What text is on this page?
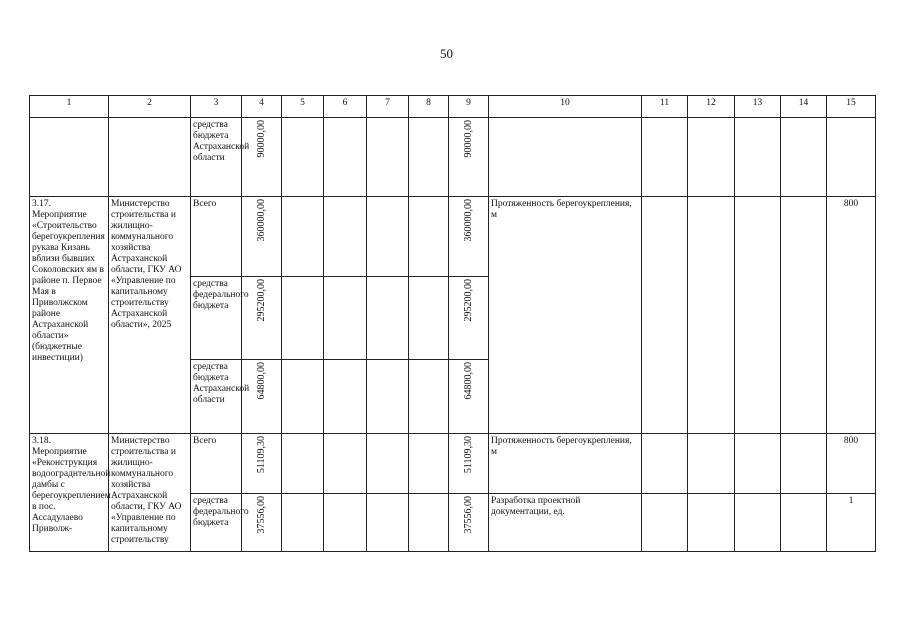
50
1	2	3	4	5	6	7	8	9	10	11	12	13	14	15
		средства бюджета Астраханской области	90000,00					90000,00						

3.17. Мероприятие «Строительство берегоукрепления рукава Кизань вблизи бывших Соколовских ям в районе п. Первое Мая в Приволжском районе Астраханской области» (бюджетные инвестиции)	Министерство строительства и жилищно-коммунального хозяйства Астраханской области, ГКУ АО «Управление по капитальному строительству Астраханской области», 2025	Всего	360000,00					360000,00	Протяженность берегоукрепления, м					800
		средства федерального бюджета	295200,00					295200,00						

		средства бюджета Астраханской области	64800,00					64800,00						

3.18. Мероприятие «Реконструкция водоограднтельной дамбы с берегоукреплением в пос. Ассадулаево Приволж-	Министерство строительства и жилищно-коммунального хозяйства Астраханской области, ГКУ АО «Управление по капитальному строительству	Всего	51109,30					51109,30	Протяженность берегоукрепления, м					800
		средства федерального бюджета	37556,00					37556,00	Разработка проектной документации, ед.					1
